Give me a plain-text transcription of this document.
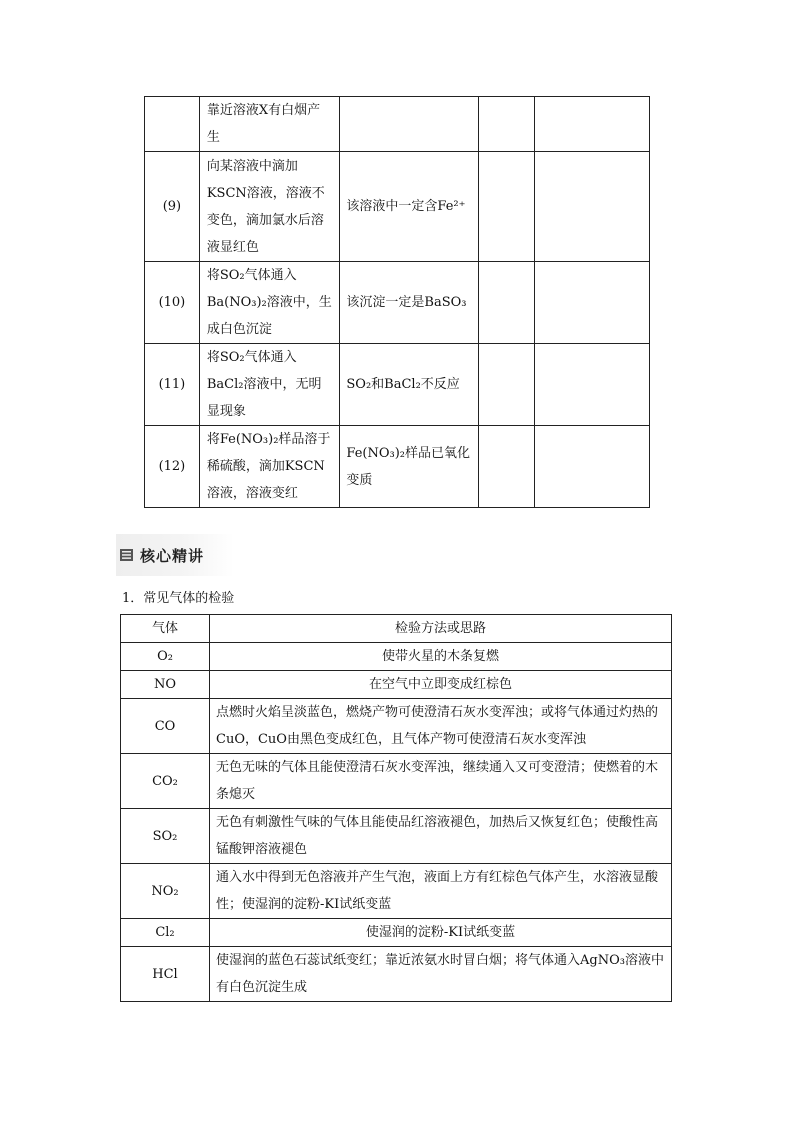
	靠近溶液X有白烟产
生			
(9)	向某溶液中滴加
KSCN溶液，溶液不
变色，滴加氯水后溶
液显红色	该溶液中一定含Fe²⁺		
(10)	将SO₂气体通入
Ba(NO₃)₂溶液中，生
成白色沉淀	该沉淀一定是BaSO₃		
(11)	将SO₂气体通入
BaCl₂溶液中，无明
显现象	SO₂和BaCl₂不反应		
(12)	将Fe(NO₃)₂样品溶于
稀硫酸，滴加KSCN
溶液，溶液变红	Fe(NO₃)₂样品已氧化
变质		
核心精讲
1．常见气体的检验
气体	检验方法或思路
O₂	使带火星的木条复燃
NO	在空气中立即变成红棕色
CO	点燃时火焰呈淡蓝色，燃烧产物可使澄清石灰水变浑浊；或将气体通过灼热的CuO，CuO由黑色变成红色，且气体产物可使澄清石灰水变浑浊
CO₂	无色无味的气体且能使澄清石灰水变浑浊，继续通入又可变澄清；使燃着的木条熄灭
SO₂	无色有刺激性气味的气体且能使品红溶液褪色，加热后又恢复红色；使酸性高锰酸钾溶液褪色
NO₂	通入水中得到无色溶液并产生气泡，液面上方有红棕色气体产生，水溶液显酸性；使湿润的淀粉-KI试纸变蓝
Cl₂	使湿润的淀粉-KI试纸变蓝
HCl	使湿润的蓝色石蕊试纸变红；靠近浓氨水时冒白烟；将气体通入AgNO₃溶液中有白色沉淀生成
